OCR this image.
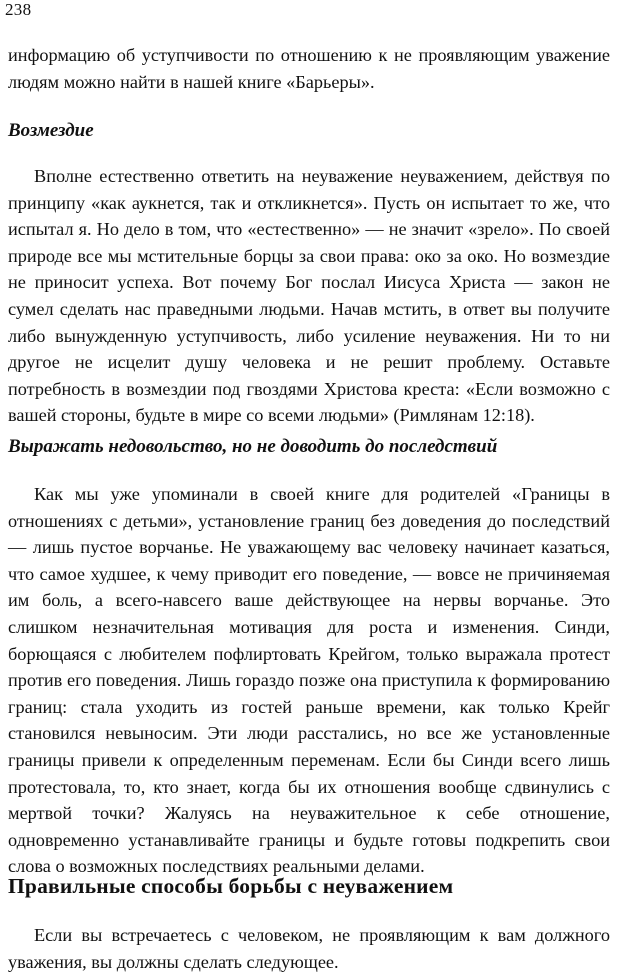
238

информацию об уступчивости по отношению к не проявляющим уважение людям можно найти в нашей книге «Барьеры».

Возмездие

Вполне естественно ответить на неуважение неуважением, действуя по принципу «как аукнется, так и откликнется». Пусть он испытает то же, что испытал я. Но дело в том, что «естественно» — не значит «зрело». По своей природе все мы мстительные борцы за свои права: око за око. Но возмездие не приносит успеха. Вот почему Бог послал Иисуса Христа — закон не сумел сделать нас праведными людьми. Начав мстить, в ответ вы получите либо вынужденную уступчивость, либо усиление неуважения. Ни то ни другое не исцелит душу человека и не решит проблему. Оставьте потребность в возмездии под гвоздями Христова креста: «Если возможно с вашей стороны, будьте в мире со всеми людьми» (Римлянам 12:18).

Выражать недовольство, но не доводить до последствий

Как мы уже упоминали в своей книге для родителей «Границы в отношениях с детьми», установление границ без доведения до последствий — лишь пустое ворчанье. Не уважающему вас человеку начинает казаться, что самое худшее, к чему приводит его поведение, — вовсе не причиняемая им боль, а всего-навсего ваше действующее на нервы ворчанье. Это слишком незначительная мотивация для роста и изменения. Синди, борющаяся с любителем пофлиртовать Крейгом, только выражала протест против его поведения. Лишь гораздо позже она приступила к формированию границ: стала уходить из гостей раньше времени, как только Крейг становился невыносим. Эти люди расстались, но все же установленные границы привели к определенным переменам. Если бы Синди всего лишь протестовала, то, кто знает, когда бы их отношения вообще сдвинулись с мертвой точки? Жалуясь на неуважительное к себе отношение, одновременно устанавливайте границы и будьте готовы подкрепить свои слова о возможных последствиях реальными делами.

Правильные способы борьбы с неуважением

Если вы встречаетесь с человеком, не проявляющим к вам должного уважения, вы должны сделать следующее.
